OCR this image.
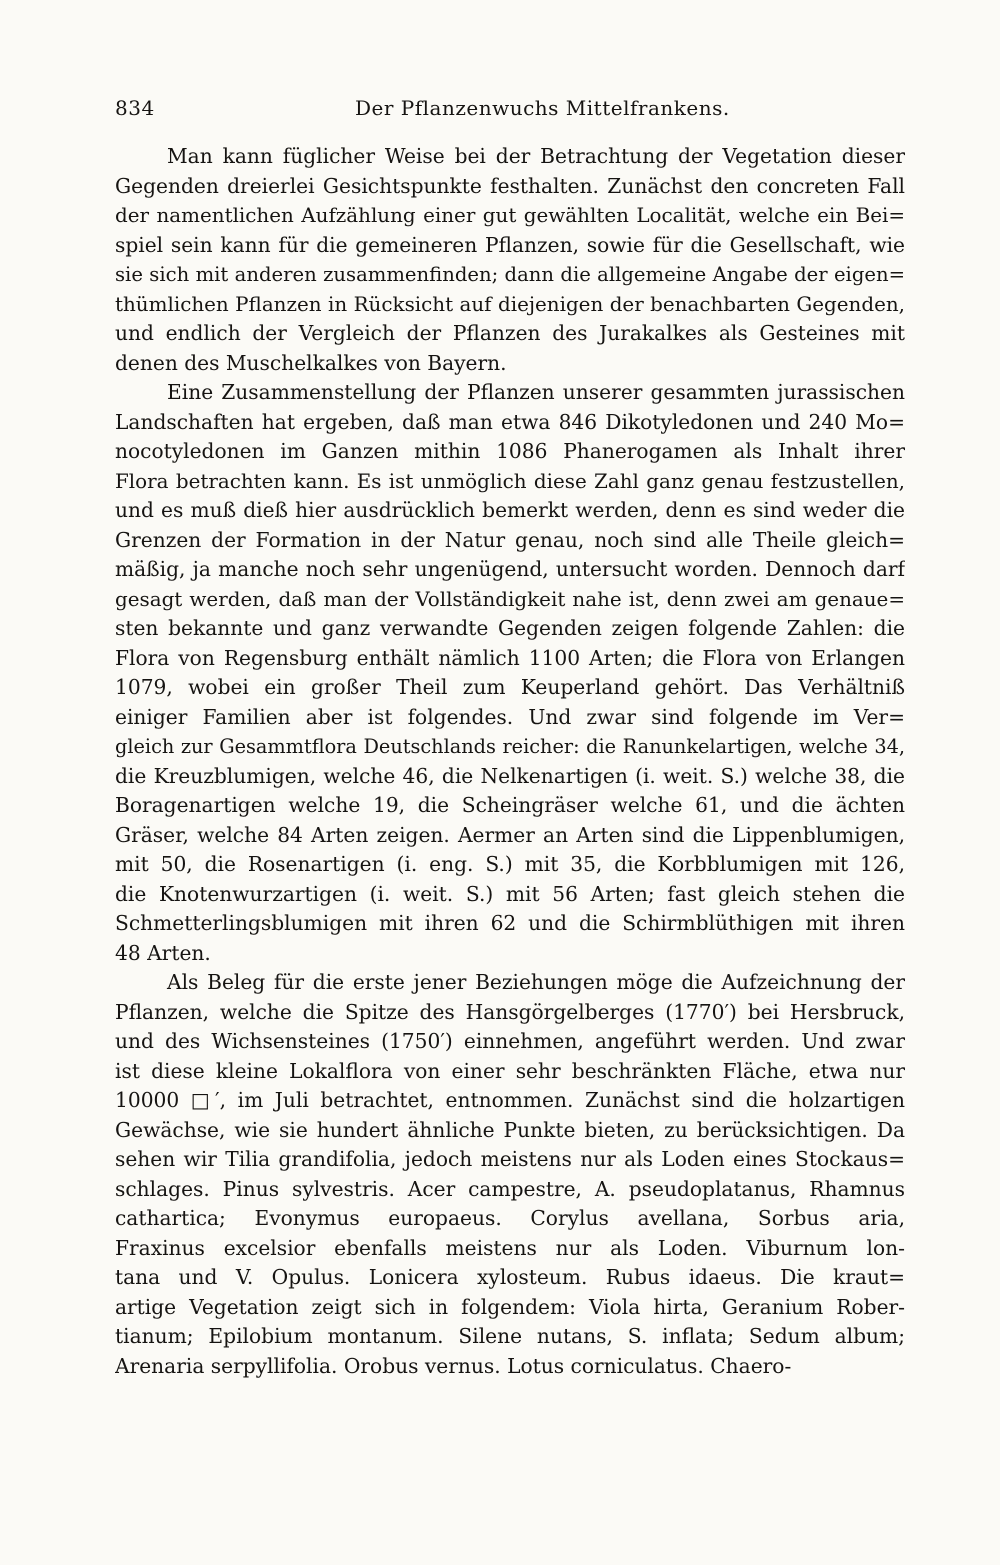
834	Der Pflanzenwuchs Mittelfrankens.
Man kann füglicher Weise bei der Betrachtung der Vegetation dieser
Gegenden dreierlei Gesichtspunkte festhalten. Zunächst den concreten Fall
der namentlichen Aufzählung einer gut gewählten Localität, welche ein Bei=
spiel sein kann für die gemeineren Pflanzen, sowie für die Gesellschaft, wie
sie sich mit anderen zusammenfinden; dann die allgemeine Angabe der eigen=
thümlichen Pflanzen in Rücksicht auf diejenigen der benachbarten Gegenden,
und endlich der Vergleich der Pflanzen des Jurakalkes als Gesteines mit
denen des Muschelkalkes von Bayern.
Eine Zusammenstellung der Pflanzen unserer gesammten jurassischen
Landschaften hat ergeben, daß man etwa 846 Dikotyledonen und 240 Mo=
nocotyledonen im Ganzen mithin 1086 Phanerogamen als Inhalt ihrer
Flora betrachten kann. Es ist unmöglich diese Zahl ganz genau festzustellen,
und es muß dieß hier ausdrücklich bemerkt werden, denn es sind weder die
Grenzen der Formation in der Natur genau, noch sind alle Theile gleich=
mäßig, ja manche noch sehr ungenügend, untersucht worden. Dennoch darf
gesagt werden, daß man der Vollständigkeit nahe ist, denn zwei am genaue=
sten bekannte und ganz verwandte Gegenden zeigen folgende Zahlen: die
Flora von Regensburg enthält nämlich 1100 Arten; die Flora von Erlangen
1079, wobei ein großer Theil zum Keuperland gehört. Das Verhältniß
einiger Familien aber ist folgendes. Und zwar sind folgende im Ver=
gleich zur Gesammtflora Deutschlands reicher: die Ranunkelartigen, welche 34,
die Kreuzblumigen, welche 46, die Nelkenartigen (i. weit. S.) welche 38, die
Boragenartigen welche 19, die Scheingräser welche 61, und die ächten
Gräser, welche 84 Arten zeigen. Aermer an Arten sind die Lippenblumigen,
mit 50, die Rosenartigen (i. eng. S.) mit 35, die Korbblumigen mit 126,
die Knotenwurzartigen (i. weit. S.) mit 56 Arten; fast gleich stehen die
Schmetterlingsblumigen mit ihren 62 und die Schirmblüthigen mit ihren
48 Arten.
Als Beleg für die erste jener Beziehungen möge die Aufzeichnung der
Pflanzen, welche die Spitze des Hansgörgelberges (1770′) bei Hersbruck,
und des Wichsensteines (1750′) einnehmen, angeführt werden. Und zwar
ist diese kleine Lokalflora von einer sehr beschränkten Fläche, etwa nur
10000 □′, im Juli betrachtet, entnommen. Zunächst sind die holzartigen
Gewächse, wie sie hundert ähnliche Punkte bieten, zu berücksichtigen. Da
sehen wir Tilia grandifolia, jedoch meistens nur als Loden eines Stockaus=
schlages. Pinus sylvestris. Acer campestre, A. pseudoplatanus, Rhamnus
cathartica; Evonymus europaeus. Corylus avellana, Sorbus aria,
Fraxinus excelsior ebenfalls meistens nur als Loden. Viburnum lon-
tana und V. Opulus. Lonicera xylosteum. Rubus idaeus. Die kraut=
artige Vegetation zeigt sich in folgendem: Viola hirta, Geranium Rober-
tianum; Epilobium montanum. Silene nutans, S. inflata; Sedum album;
Arenaria serpyllifolia. Orobus vernus. Lotus corniculatus. Chaero-
